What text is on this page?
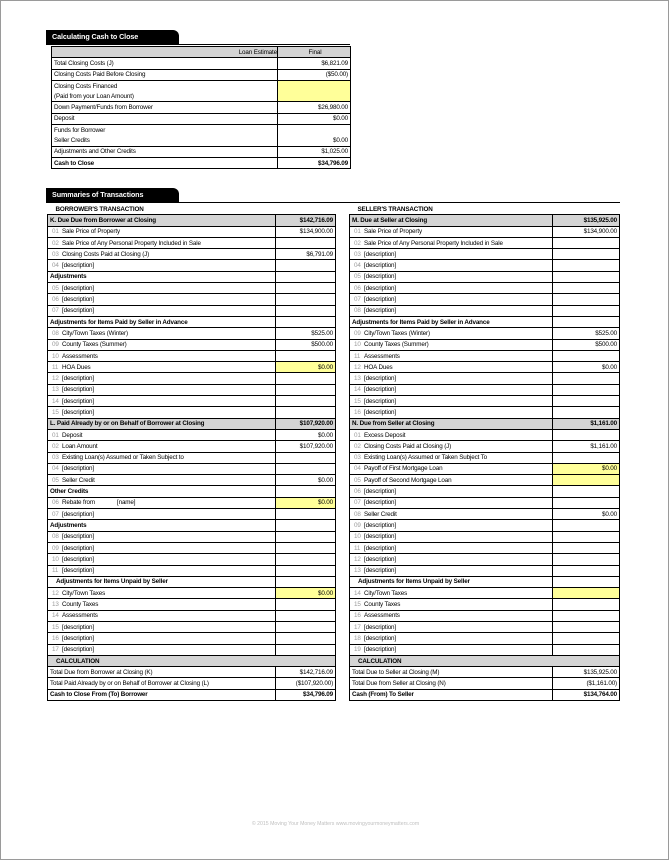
Calculating Cash to Close
	Loan Estimate	Final
Total Closing Costs (J)		$6,821.09
Closing Costs Paid Before Closing		($50.00)
Closing Costs Financed		
(Paid from your Loan Amount)		
Down Payment/Funds from Borrower		$26,980.00
Deposit		$0.00
Funds for Borrower		
Seller Credits		$0.00
Adjustments and Other Credits		$1,025.00
Cash to Close		$34,796.09
Summaries of Transactions
BORROWER'S TRANSACTION	
K. Due Due from Borrower at Closing	$142,716.09
01 Sale Price of Property	$134,900.00
02 Sale Price of Any Personal Property Included in Sale	
03 Closing Costs Paid at Closing (J)	$6,791.09
04 [description]	
Adjustments	
05 [description]	
06 [description]	
07 [description]	
Adjustments for Items Paid by Seller in Advance	
08 City/Town Taxes (Winter)	$525.00
09 County Taxes (Summer)	$500.00
10 Assessments	
11 HOA Dues	$0.00
12 [description]	
13 [description]	
14 [description]	
15 [description]	
L. Paid Already by or on Behalf of Borrower at Closing	$107,920.00
01 Deposit	$0.00
02 Loan Amount	$107,920.00
03 Existing Loan(s) Assumed or Taken Subject to	
04 [description]	
05 Seller Credit	$0.00
Other Credits	
06 Rebate from [name]	$0.00
07 [description]	
Adjustments	
08 [description]	
09 [description]	
10 [description]	
11 [description]	
Adjustments for Items Unpaid by Seller	
12 City/Town Taxes	$0.00
13 County Taxes	
14 Assessments	
15 [description]	
16 [description]	
17 [description]	
CALCULATION	
Total Due from Borrower at Closing (K)	$142,716.09
Total Paid Already by or on Behalf of Borrower at Closing (L)	($107,920.00)
Cash to Close From (To) Borrower	$34,796.09
SELLER'S TRANSACTION	
M. Due at Seller at Closing	$135,925.00
01 Sale Price of Property	$134,900.00
02 Sale Price of Any Personal Property Included in Sale	
03 [description]	
04 [description]	
05 [description]	
06 [description]	
07 [description]	
08 [description]	
Adjustments for Items Paid by Seller in Advance	
09 City/Town Taxes (Winter)	$525.00
10 County Taxes (Summer)	$500.00
11 Assessments	
12 HOA Dues	$0.00
13 [description]	
14 [description]	
15 [description]	
16 [description]	
N. Due from Seller at Closing	$1,161.00
01 Excess Deposit	
02 Closing Costs Paid at Closing (J)	$1,161.00
03 Existing Loan(s) Assumed or Taken Subject To	
04 Payoff of First Mortgage Loan	$0.00
05 Payoff of Second Mortgage Loan	
06 [description]	
07 [description]	
08 Seller Credit	$0.00
09 [description]	
10 [description]	
11 [description]	
12 [description]	
13 [description]	
Adjustments for Items Unpaid by Seller	
14 City/Town Taxes	
15 County Taxes	
16 Assessments	
17 [description]	
18 [description]	
19 [description]	
CALCULATION	
Total Due to Seller at Closing (M)	$135,925.00
Total Due from Seller at Closing (N)	($1,161.00)
Cash (From) To Seller	$134,764.00
© 2015 Moving Your Money Matters www.movingyourmoneymatters.com
